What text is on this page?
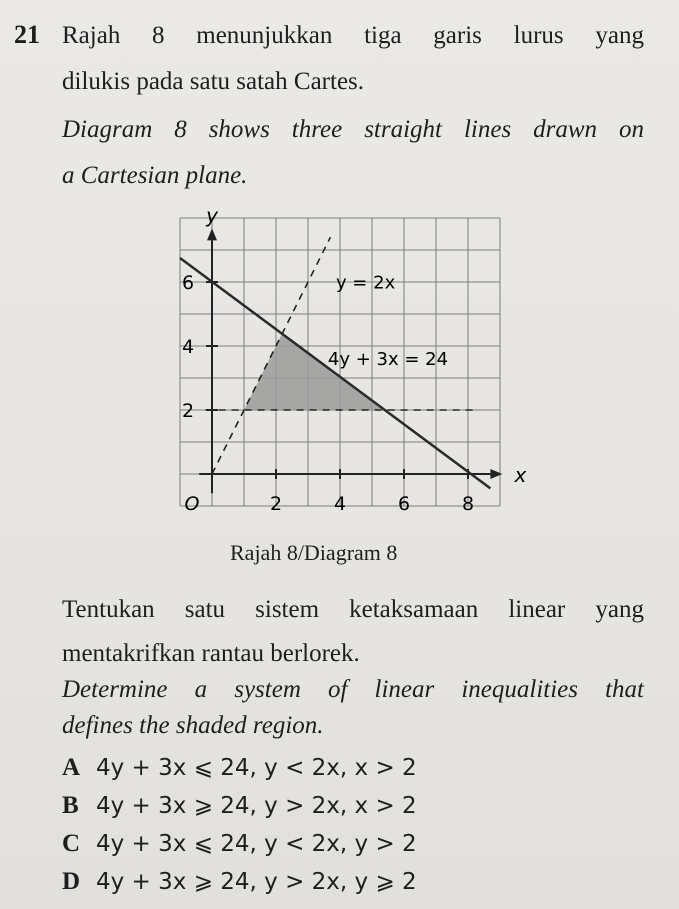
21 Rajah 8 menunjukkan tiga garis lurus yang
dilukis pada satu satah Cartes.
Diagram 8 shows three straight lines drawn on
a Cartesian plane.
2	4	6	8
2
4
6
O
x
y
y = 2x
4y + 3x = 24
Rajah 8/Diagram 8
Tentukan satu sistem ketaksamaan linear yang
mentakrifkan rantau berlorek.
Determine a system of linear inequalities that
defines the shaded region.
A 4y + 3x ⩽ 24, y < 2x, x > 2
B 4y + 3x ⩾ 24, y > 2x, x > 2
C 4y + 3x ⩽ 24, y < 2x, y > 2
D 4y + 3x ⩾ 24, y > 2x, y ⩾ 2
